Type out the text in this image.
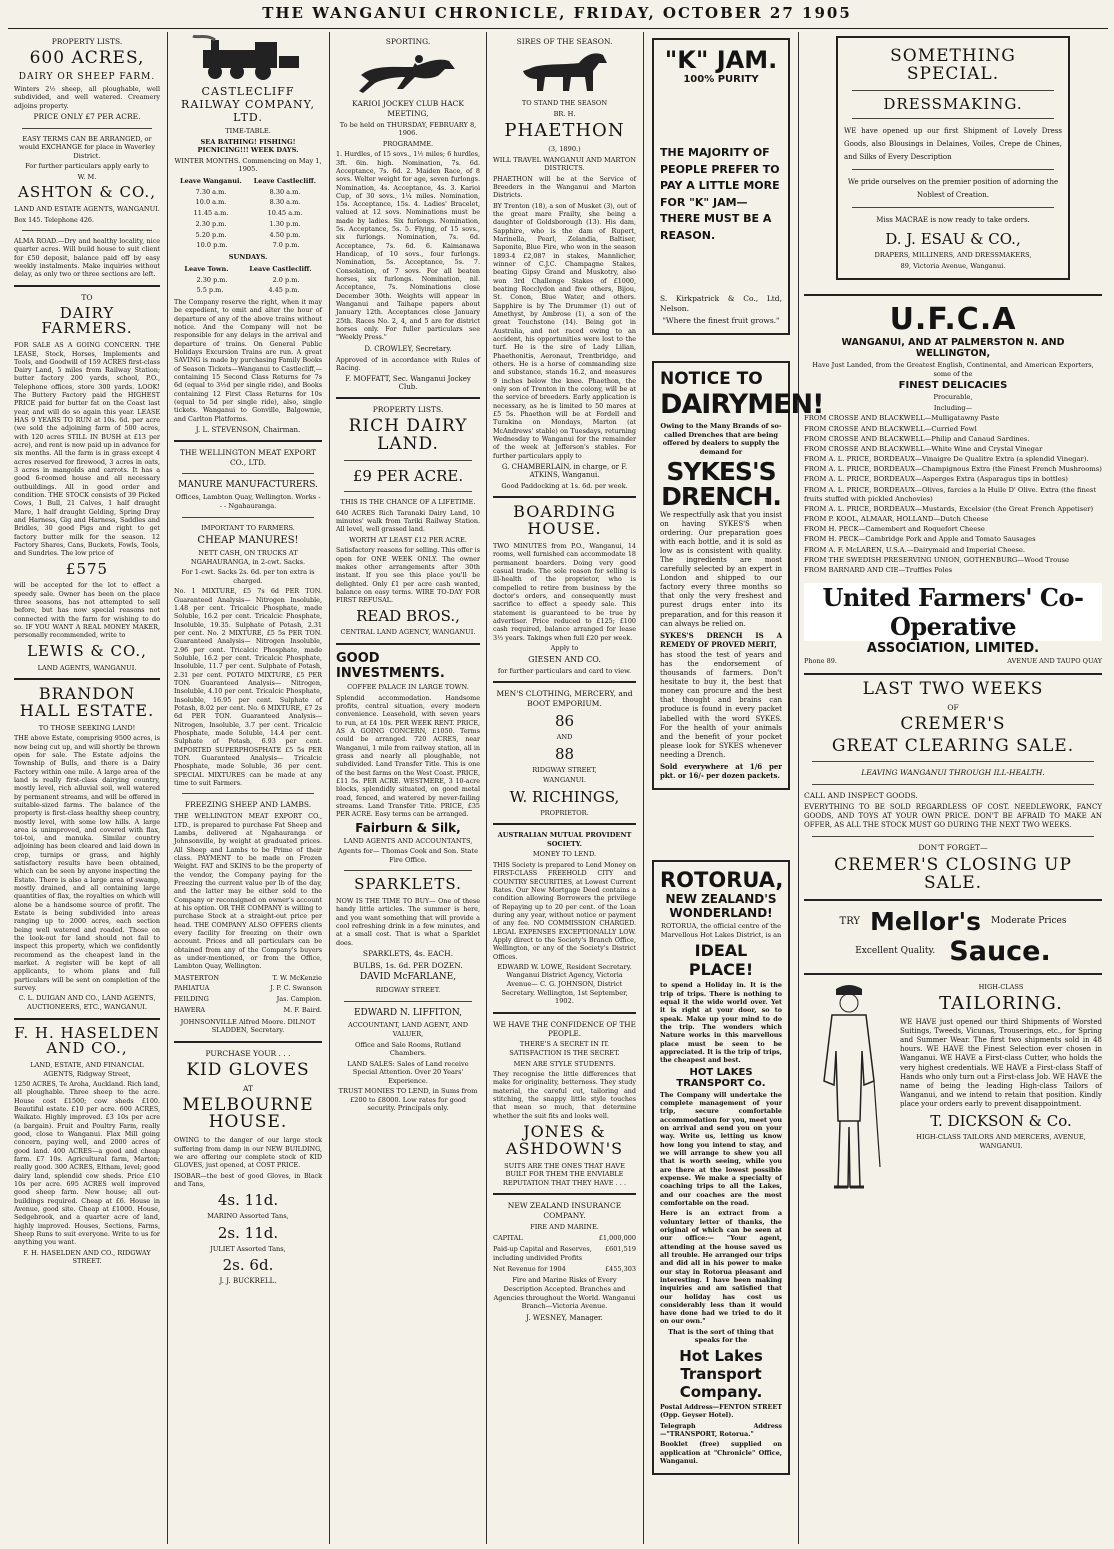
THE WANGANUI CHRONICLE, FRIDAY, OCTOBER 27 1905
PROPERTY LISTS.
600 ACRES,
DAIRY OR SHEEP FARM.

Winters 2½ sheep, all ploughable, well subdivided, and well watered. Creamery adjoins property.

PRICE ONLY £7 PER ACRE.

EASY TERMS CAN BE ARRANGED, or would EXCHANGE for place in Waverley District.

For further particulars apply early to

W. M.
ASHTON & CO.,
LAND AND ESTATE AGENTS, WANGANUI.
Box 145. Telephone 426.

ALMA ROAD.—Dry and healthy locality, nice quarter acres. Will build house to suit client for £50 deposit, balance paid off by easy weekly instalments. Make inquiries without delay, as only two or three sections are left.

TO
DAIRY FARMERS.

FOR SALE AS A GOING CONCERN. THE LEASE, Stock, Horses, Implements and Tools, and Goodwill of 159 ACRES first-class Dairy Land, 5 miles from Railway Station; butter factory 200 yards, school, P.O., Telephone offices, store 300 yards. LOOK! The Buttery Factory paid the HIGHEST PRICE paid for butter fat on the Coast last year, and will do so again this year. LEASE HAS 9 YEARS TO RUN at 10s. 6d. per acre (we sold the adjoining farm of 500 acres, with 120 acres STILL IN BUSH at £13 per acre), and rent is now paid up in advance for six months. All the farm is in grass except 4 acres reserved for firewood, 3 acres in oats, 3 acres in mangolds and carrots. It has a good 6-roomed house and all necessary outbuildings. All in good order and condition. THE STOCK consists of 39 Picked Cows, 1 Bull, 21 Calves, 1 half draught Mare, 1 half draught Gelding, Spring Dray and Harness, Gig and Harness, Saddles and Bridles, 30 good Pigs and right to get factory butter milk for the season. 12 Factory Shares, Cans, Buckets, Fowls, Tools, and Sundries. The low price of

£575

will be accepted for the lot to effect a speedy sale. Owner has been on the place three seasons, has not attempted to sell before, but has now special reasons not connected with the farm for wishing to do so. IF YOU WANT A REAL MONEY MAKER, personally recommended, write to

LEWIS & CO.,
LAND AGENTS, WANGANUI.
BRANDON HALL ESTATE.
TO THOSE SEEKING LAND!

THE above Estate, comprising 9500 acres, is now being cut up, and will shortly be thrown open for sale. The Estate adjoins the Township of Bulls, and there is a Dairy Factory within one mile. A large area of the land is really first-class dairying country, mostly level, rich alluvial soil, well watered by permanent streams, and will be offered in suitable-sized farms. The balance of the property is first-class healthy sheep country, mostly level, with some low hills. A large area is unimproved, and covered with flax, toi-toi, and manuka. Similar country adjoining has been cleared and laid down in crop, turnips or grass, and highly satisfactory results have been obtained, which can be seen by anyone inspecting the Estate. There is also a large area of swamp, mostly drained, and all containing large quantities of flax, the royalties on which will alone be a handsome source of profit. The Estate is being subdivided into areas ranging up to 2000 acres, each section being well watered and roaded. Those on the look-out for land should not fail to inspect this property, which we confidently recommend as the cheapest land in the market. A register will be kept of all applicants, to whom plans and full particulars will be sent on completion of the survey.

C. L. DUIGAN AND CO., LAND AGENTS, AUCTIONEERS, ETC., WANGANUI.

F. H. HASELDEN AND CO.,
LAND, ESTATE, AND FINANCIAL AGENTS, Ridgway Street,

1250 ACRES, Te Aroha, Auckland. Rich land, all ploughable. Three sheep to the acre. House cost £1500; cow sheds £100. Beautiful estate. £10 per acre. 600 ACRES, Waikato. Highly improved. £3 10s per acre (a bargain). Fruit and Poultry Farm, really good, close to Wanganui. Flax Mill going concern, paying well, and 2000 acres of good land. 400 ACRES—a good and cheap farm. £7 10s. Agricultural farm, Marton; really good. 300 ACRES, Eltham, level; good dairy land, splendid cow sheds. Price £10 10s per acre. 695 ACRES well improved good sheep farm. New house; all out-buildings required. Cheap at £6. House in Avenue, good site. Cheap at £1000. House, Sedgebrook, and a quarter acre of land, highly improved. Houses, Sections, Farms, Sheep Runs to suit everyone. Write to us for anything you want.

F. H. HASELDEN AND CO., RIDGWAY STREET.

CASTLECLIFF RAILWAY COMPANY, LTD.
TIME-TABLE.
SEA BATHING! FISHING! PICNICING!!! WEEK DAYS.
WINTER MONTHS. Commencing on May 1, 1905.
Leave Wanganui. Leave Castlecliff.
7.30 a.m.	8.30 a.m.
10.0 a.m.	8.30 a.m.
11.45 a.m.	10.45 a.m.
2.30 p.m.	1.30 p.m.
5.20 p.m.	4.50 p.m.
10.0 p.m.	7.0 p.m.
SUNDAYS.
Leave Town.	Leave Castlecliff.
2.30 p.m.	2.0 p.m.
5.5 p.m.	4.45 p.m.

The Company reserve the right, when it may be expedient, to omit and alter the hour of departure of any of the above trains without notice. And the Company will not be responsible for any delays in the arrival and departure of trains. On General Public Holidays Excursion Trains are run. A great SAVING is made by purchasing Family Books of Season Tickets—Wanganui to Castlecliff,—containing 15 Second Class Returns for 7s 6d (equal to 3½d per single ride), and Books containing 12 First Class Returns for 10s (equal to 5d per single ride), also, single tickets. Wanganui to Gonville, Balgownie, and Carlton Platforms.

J. L. STEVENSON, Chairman.
THE WELLINGTON MEAT EXPORT CO., LTD.
MANURE MANUFACTURERS.
Offices, Lambton Quay, Wellington. Works - - - Ngahauranga.
IMPORTANT TO FARMERS.
CHEAP MANURES!
NETT CASH, ON TRUCKS AT NGAHAURANGA, in 2-cwt. Sacks.
For 1-cwt. Sacks 2s. 6d. per ton extra is charged.

No. 1 MIXTURE, £5 7s 6d PER TON. Guaranteed Analysis— Nitrogen Insoluble, 1.48 per cent. Tricalcic Phosphate, made Soluble, 16.2 per cent. Tricalcic Phosphate, Insoluble, 19.35. Sulphate of Potash, 2.31 per cent. No. 2 MIXTURE, £5 5s PER TON. Guaranteed Analysis— Nitrogen Insoluble, 2.96 per cent. Tricalcic Phosphate, made Soluble, 16.2 per cent. Tricalcic Phosphate, Insoluble, 11.7 per cent. Sulphate of Potash, 2.31 per cent. POTATO MIXTURE, £5 PER TON. Guaranteed Analysis— Nitrogen, Insoluble, 4.10 per cent. Tricalcic Phosphate, Insoluble, 16.95 per cent. Sulphate of Potash, 8.02 per cent. No. 6 MIXTURE, £7 2s 6d PER TON. Guaranteed Analysis— Nitrogen, Insoluble, 3.7 per cent. Tricalcic Phosphate, made Soluble, 14.4 per cent. Sulphate of Potash, 6.93 per cent. IMPORTED SUPERPHOSPHATE £5 5s PER TON. Guaranteed Analysis— Tricalcic Phosphate, made Soluble, 36 per cent. SPECIAL MIXTURES can be made at any time to suit Farmers.

FREEZING SHEEP AND LAMBS.

THE WELLINGTON MEAT EXPORT CO., LTD., is prepared to purchase Fat Sheep and Lambs, delivered at Ngahauranga or Johnsonville, by weight at graduated prices. All Sheep and Lambs to be Prime of their class. PAYMENT to be made on Frozen Weight. FAT and SKINS to be the property of the vendor, the Company paying for the Freezing the current value per lb of the day, and the latter may be either sold to the Company or reconsigned on owner's account at his option. OR THE COMPANY is willing to purchase Stock at a straight-out price per head. THE COMPANY ALSO OFFERS clients every facility for freezing on their own account. Prices and all particulars can be obtained from any of the Company's buyers as under-mentioned, or from the Office, Lambton Quay, Wellington.

MASTERTON	T. W. McKenzie
PAHIATUA	J. P. C. Swanson
FEILDING	Jas. Campion.
HAWERA	M. F. Baird.

JOHNSONVILLE Alfred Moore. DILNOT SLADDEN, Secretary.

PURCHASE YOUR . . .
KID GLOVES
AT
MELBOURNE HOUSE.

OWING to the danger of our large stock suffering from damp in our NEW BUILDING, we are offering our complete stock of KID GLOVES, just opened, at COST PRICE.

ISOBAR—the best of good Gloves, in Black and Tans,

4s. 11d.
MARINO Assorted Tans,
2s. 11d.
JULIET Assorted Tans,
2s. 6d.
J. J. BUCKRELL.
SPORTING.
KARIOI JOCKEY CLUB HACK MEETING,
To be held on THURSDAY, FEBRUARY 8, 1906.
PROGRAMME.

1. Hurdles, of 15 sovs., 1½ miles; 6 hurdles, 3ft. 6in. high. Nomination, 7s. 6d. Acceptance, 7s. 6d. 2. Maiden Race, of 8 sovs. Welter weight for age, seven furlongs. Nomination, 4s. Acceptance, 4s. 3. Karioi Cup, of 30 sovs., 1¼ miles. Nomination, 15s. Acceptance, 15s. 4. Ladies' Bracelet, valued at 12 sovs. Nominations must be made by ladies. Six furlongs. Nomination, 5s. Acceptance, 5s. 5. Flying, of 15 sovs., six furlongs. Nomination, 7s. 6d. Acceptance, 7s. 6d. 6. Kaimanawa Handicap, of 10 sovs., four furlongs. Nomination, 5s. Acceptance, 5s. 7. Consolation, of 7 sovs. For all beaten horses, six furlongs. Nomination, nil. Acceptance, 7s. Nominations close December 30th. Weights will appear in Wanganui and Taihape papers about January 12th. Acceptances close January 25th. Races No. 2, 4, and 5 are for district horses only. For fuller particulars see "Weekly Press."

D. CROWLEY, Secretary.

Approved of in accordance with Rules of Racing.

F. MOFFATT, Sec. Wanganui Jockey Club.
PROPERTY LISTS.
RICH DAIRY LAND.
£9 PER ACRE.
THIS IS THE CHANCE OF A LIFETIME.

640 ACRES Rich Taranaki Dairy Land, 10 minutes' walk from Tariki Railway Station. All level, well grassed land.

WORTH AT LEAST £12 PER ACRE.

Satisfactory reasons for selling. This offer is open for ONE WEEK ONLY. The owner makes other arrangements after 30th instant. If you see this place you'll be delighted. Only £1 per acre cash wanted, balance on easy terms. WIRE TO-DAY FOR FIRST REFUSAL.

READ BROS.,
CENTRAL LAND AGENCY, WANGANUI.
GOOD INVESTMENTS.
COFFEE PALACE IN LARGE TOWN.

Splendid accommodation. Handsome profits, central situation, every modern convenience. Leasehold, with seven years to run, at £4 10s. PER WEEK RENT. PRICE, AS A GOING CONCERN, £1050. Terms could be arranged. 720 ACRES, near Wanganui, 1 mile from railway station, all in grass and nearly all ploughable, not subdivided. Land Transfer Title. This is one of the best farms on the West Coast. PRICE, £11 5s. PER ACRE. WESTMERE, 3 10-acre blocks, splendidly situated, on good metal road, fenced, and watered by never-failing streams. Land Transfer Title. PRICE, £35 PER ACRE. Easy terms can be arranged.

Fairburn & Silk,
LAND AGENTS AND ACCOUNTANTS,
Agents for— Thomas Cook and Son. State Fire Office.
SPARKLETS.

NOW IS THE TIME TO BUY— One of these handy little articles. The summer is here, and you want something that will provide a cool refreshing drink in a few minutes, and at a small cost. That is what a Sparklet does.

SPARKLETS, 4s. EACH.
BULBS, 1s. 6d. PER DOZEN.
DAVID McFARLANE,
RIDGWAY STREET.
EDWARD N. LIFFITON,
ACCOUNTANT, LAND AGENT, AND VALUER,
Office and Sale Rooms, Rutland Chambers.
LAND SALES: Sales of Land receive Special Attention. Over 20 Years' Experience.
TRUST MONIES TO LEND, in Sums from £200 to £8000. Low rates for good security. Principals only.
SIRES OF THE SEASON.
TO STAND THE SEASON
BR. H.
PHAETHON
(3, 1890.)
WILL TRAVEL WANGANUI AND MARTON DISTRICTS.

PHAETHON will be at the Service of Breeders in the Wanganui and Marton Districts.

BY Trenton (18), a son of Musket (3), out of the great mare Frailty, she being a daughter of Goldsborough (13). His dam, Sapphire, who is the dam of Rupert, Marinella, Pearl, Zelandia, Baltiser, Saponite, Blue Fire, who won in the season 1893-4 £2,087 in stakes, Mannlicher, winner of C.J.C. Champagne Stakes, beating Gipsy Grand and Muskotry, also won 3rd Challenge Stakes of £1000, beating Rocclydon and five others, Bijou, St. Conon, Blue Water, and others. Sapphire is by The Drummer (1) out of Amethyst, by Ambrose (1), a son of the great Touchstone (14). Being got in Australia, and not raced owing to an accident, his opportunities were lost to the turf. He is the sire of Lady Lilian, Phaethonitis, Aeronaut, Trentbridge, and others. He is a horse of commanding size and substance, stands 16.2, and measures 9 inches below the knee. Phaethon, the only son of Trenton in the colony, will be at the service of breeders. Early application is necessary, as he is limited to 50 mares at £5 5s. Phaethon will be at Fordell and Turakina on Mondays, Marton (at McAndrews' stable) on Tuesdays, returning Wednesday to Wanganui for the remainder of the week at Jefferson's stables. For further particulars apply to

G. CHAMBERLAIN, in charge, or F. ATKINS, Wanganui.
Good Paddocking at 1s. 6d. per week.
BOARDING HOUSE.

TWO MINUTES from P.O., Wanganui, 14 rooms, well furnished can accommodate 18 permanent boarders. Doing very good casual trade. The sole reason for selling is ill-health of the proprietor, who is compelled to retire from business by the doctor's orders, and consequently must sacrifice to effect a speedy sale. This statement is guaranteed to be true by advertiser. Price reduced to £125; £100 cash required, balance arranged for lease 3½ years. Takings when full £20 per week.

Apply to
GIESEN AND CO.
for further particulars and card to view.
MEN'S CLOTHING, MERCERY, and BOOT EMPORIUM.
86
AND
88
RIDGWAY STREET,
WANGANUI.
W. RICHINGS,
PROPRIETOR.
AUSTRALIAN MUTUAL PROVIDENT SOCIETY.
MONEY TO LEND.

THIS Society is prepared to Lend Money on FIRST-CLASS FREEHOLD CITY and COUNTRY SECURITIES, at Lowest Current Rates. Our New Mortgage Deed contains a condition allowing Borrowers the privilege of Repaying up to 20 per cent. of the Loan during any year, without notice or payment of any fee. NO COMMISSION CHARGED. LEGAL EXPENSES EXCEPTIONALLY LOW. Apply direct to the Society's Branch Office, Wellington, or any of the Society's District Offices.

EDWARD W. LOWE, Resident Secretary. Wanganui District Agency, Victoria Avenue— C. G. JOHNSON, District Secretary. Wellington, 1st September, 1902.

WE HAVE THE CONFIDENCE OF THE PEOPLE.
THERE'S A SECRET IN IT. SATISFACTION IS THE SECRET.
MEN ARE STYLE STUDENTS.

They recognise the little differences that make for originality, betterness. They study material, the careful cut, tailoring and stitching, the snappy little style touches that mean so much, that determine whether the suit fits and looks well.

JONES & ASHDOWN'S

SUITS ARE THE ONES THAT HAVE BUILT FOR THEM THE ENVIABLE REPUTATION THAT THEY HAVE . . .

NEW ZEALAND INSURANCE COMPANY.
FIRE AND MARINE.
CAPITAL	£1,000,000
Paid-up Capital and Reserves, including undivided Profits
£601,519
Net Revenue for 1904	£455,303

Fire and Marine Risks of Every Description Accepted. Branches and Agencies throughout the World. Wanganui Branch—Victoria Avenue.

J. WESNEY, Manager.
"K" JAM.
100% PURITY
THE MAJORITY OF PEOPLE PREFER TO PAY A LITTLE MORE FOR "K" JAM—THERE MUST BE A REASON.
S. Kirkpatrick & Co., Ltd, Nelson.
"Where the finest fruit grows."
NOTICE TO
DAIRYMEN!

Owing to the Many Brands of so-called Drenches that are being offered by dealers to supply the demand for

SYKES'S DRENCH.

We respectfully ask that you insist on having SYKES'S when ordering. Our preparation goes with each bottle, and it is sold as low as is consistent with quality. The ingredients are most carefully selected by an expert in London and shipped to our factory every three months so that only the very freshest and purest drugs enter into its preparation, and for this reason it can always be relied on.

SYKES'S DRENCH IS A REMEDY OF PROVED MERIT,

has stood the test of years and has the endorsement of thousands of farmers. Don't hesitate to buy it, the best that money can procure and the best that thought and brains can produce is found in every packet labelled with the word SYKES. For the health of your animals and the benefit of your pocket please look for SYKES whenever needing a Drench.

Sold everywhere at 1/6 per pkt. or 16/- per dozen packets.
ROTORUA,
NEW ZEALAND'S WONDERLAND!

ROTORUA, the official centre of the Marvellous Hot Lakes District, is an

IDEAL PLACE!

to spend a Holiday in. It is the trip of trips. There is nothing to equal it the wide world over. Yet it is right at your door, so to speak. Make up your mind to do the trip. The wonders which Nature works in this marvellous place must be seen to be appreciated. It is the trip of trips, the cheapest and best.

HOT LAKES TRANSPORT Co.

The Company will undertake the complete management of your trip, secure comfortable accommodation for you, meet you on arrival and send you on your way. Write us, letting us know how long you intend to stay, and we will arrange to shew you all that is worth seeing, while you are there at the lowest possible expense. We make a specialty of coaching trips to all the Lakes, and our coaches are the most comfortable on the road.

Here is an extract from a voluntary letter of thanks, the original of which can be seen at our office:— "Your agent, attending at the house saved us all trouble. He arranged our trips and did all in his power to make our stay in Rotorua pleasant and interesting. I have been making inquiries and am satisfied that our holiday has cost us considerably less than it would have done had we tried to do it on our own."

That is the sort of thing that speaks for the
Hot Lakes Transport Company.
Postal Address—FENTON STREET (Opp. Geyser Hotel).
Telegraph Address—"TRANSPORT, Rotorua."
Booklet (free) supplied on application at "Chronicle" Office, Wanganui.
SOMETHING SPECIAL.
DRESSMAKING.

WE have opened up our first Shipment of Lovely Dress Goods, also Blousings in Delaines, Voiles, Crepe de Chines, and Silks of Every Description

We pride ourselves on the premier position of adorning the Noblest of Creation.

Miss MACRAE is now ready to take orders.

D. J. ESAU & CO.,
DRAPERS, MILLINERS, AND DRESSMAKERS,
89, Victoria Avenue, Wanganui.
U.F.C.A
WANGANUI, AND AT PALMERSTON N. AND WELLINGTON,
Have Just Landed, from the Greatest English, Continental, and American Exporters, some of the
FINEST DELICACIES
Procurable,
Including—
FROM CROSSE AND BLACKWELL—Mulligatawny Paste
FROM CROSSE AND BLACKWELL—Curried Fowl
FROM CROSSE AND BLACKWELL—Philip and Canaud Sardines.
FROM CROSSE AND BLACKWELL—White Wine and Crystal Vinegar
FROM A. L. PRICE, BORDEAUX—Vinaigre De Qualitre Extra (a splendid Vinegar).
FROM A. L. PRICE, BORDEAUX—Champignous Extra (the Finest French Mushrooms)
FROM A. L. PRICE, BORDEAUX—Asperges Extra (Asparagus tips in bottles)
FROM A. L. PRICE, BORDEAUX—Olives, farcies a la Huile D' Olive. Extra (the finest fruits stuffed with pickled Anchovies)
FROM A. L. PRICE, BORDEAUX—Mustards, Excelsior (the Great French Appetiser)
FROM P. KOOL, ALMAAR, HOLLAND—Dutch Cheese
FROM H. PECK—Camembert and Roquefort Cheese
FROM H. PECK—Cambridge Pork and Apple and Tomato Sausages
FROM A. F. McLAREN, U.S.A.—Dairymaid and Imperial Cheese.
FROM THE SWEDISH PRESERVING UNION, GOTHENBURG—Wood Trouse
FROM BARNARD AND CIE—Truffles Poles
United Farmers' Co-Operative
ASSOCIATION, LIMITED.
Phone 89.	AVENUE AND TAUPO QUAY
LAST TWO WEEKS
OF
CREMER'S
GREAT CLEARING SALE.
LEAVING WANGANUI THROUGH ILL-HEALTH.
CALL AND INSPECT GOODS.

EVERYTHING TO BE SOLD REGARDLESS OF COST. NEEDLEWORK, FANCY GOODS, AND TOYS AT YOUR OWN PRICE. DON'T BE AFRAID TO MAKE AN OFFER, AS ALL THE STOCK MUST GO DURING THE NEXT TWO WEEKS.

DON'T FORGET—
CREMER'S CLOSING UP SALE.
TRY Mellor's Moderate Prices
Excellent Quality. Sauce.
HIGH-CLASS
TAILORING.

WE HAVE just opened our third Shipments of Worsted Suitings, Tweeds, Vicunas, Trouserings, etc., for Spring and Summer Wear. The first two shipments sold in 48 hours. WE HAVE the Finest Selection ever chosen in Wanganui. WE HAVE a First-class Cutter, who holds the very highest credentials. WE HAVE a First-class Staff of Hands who only turn out a First-class Job. WE HAVE the name of being the leading High-class Tailors of Wanganui, and we intend to retain that position. Kindly place your orders early to prevent disappointment.

T. DICKSON & Co.
HIGH-CLASS TAILORS AND MERCERS, AVENUE, WANGANUI.
